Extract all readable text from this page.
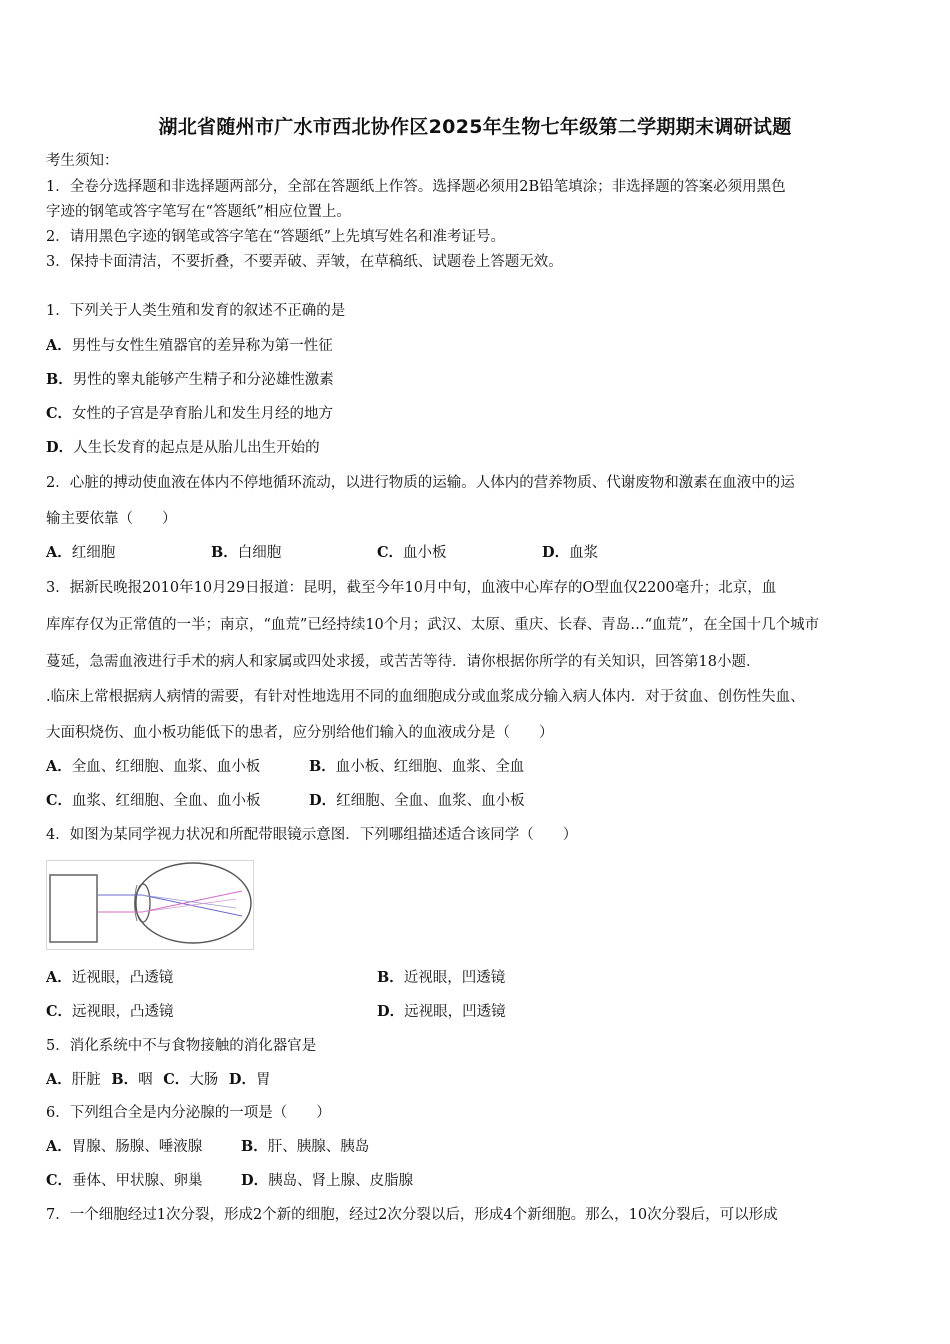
湖北省随州市广水市西北协作区2025年生物七年级第二学期期末调研试题
考生须知：
1．全卷分选择题和非选择题两部分，全部在答题纸上作答。选择题必须用2B铅笔填涂；非选择题的答案必须用黑色
字迹的钢笔或答字笔写在“答题纸”相应位置上。
2．请用黑色字迹的钢笔或答字笔在“答题纸”上先填写姓名和准考证号。
3．保持卡面清洁，不要折叠，不要弄破、弄皱，在草稿纸、试题卷上答题无效。
1．下列关于人类生殖和发育的叙述不正确的是
A．男性与女性生殖器官的差异称为第一性征
B．男性的睾丸能够产生精子和分泌雄性激素
C．女性的子宫是孕育胎儿和发生月经的地方
D．人生长发育的起点是从胎儿出生开始的
2．心脏的搏动使血液在体内不停地循环流动，以进行物质的运输。人体内的营养物质、代谢废物和激素在血液中的运
输主要依靠（　　）
A．红细胞	B．白细胞	C．血小板	D．血浆
3．据新民晚报2010年10月29日报道：昆明，截至今年10月中旬，血液中心库存的O型血仅2200毫升；北京，血
库库存仅为正常值的一半；南京，“血荒”已经持续10个月；武汉、太原、重庆、长春、青岛…“血荒”，在全国十几个城市
蔓延，急需血液进行手术的病人和家属或四处求援，或苦苦等待．请你根据你所学的有关知识，回答第18小题．
.临床上常根据病人病情的需要，有针对性地选用不同的血细胞成分或血浆成分输入病人体内．对于贫血、创伤性失血、
大面积烧伤、血小板功能低下的患者，应分别给他们输入的血液成分是（　　）
A．全血、红细胞、血浆、血小板	B．血小板、红细胞、血浆、全血
C．血浆、红细胞、全血、血小板	D．红细胞、全血、血浆、血小板
4．如图为某同学视力状况和所配带眼镜示意图．下列哪组描述适合该同学（　　）
A．近视眼，凸透镜	B．近视眼，凹透镜
C．远视眼，凸透镜	D．远视眼，凹透镜
5．消化系统中不与食物接触的消化器官是
A．肝脏 B．咽 C．大肠 D．胃
6．下列组合全是内分泌腺的一项是（　　）
A．胃腺、肠腺、唾液腺	B．肝、胰腺、胰岛
C．垂体、甲状腺、卵巢	D．胰岛、肾上腺、皮脂腺
7．一个细胞经过1次分裂，形成2个新的细胞，经过2次分裂以后，形成4个新细胞。那么，10次分裂后，可以形成
